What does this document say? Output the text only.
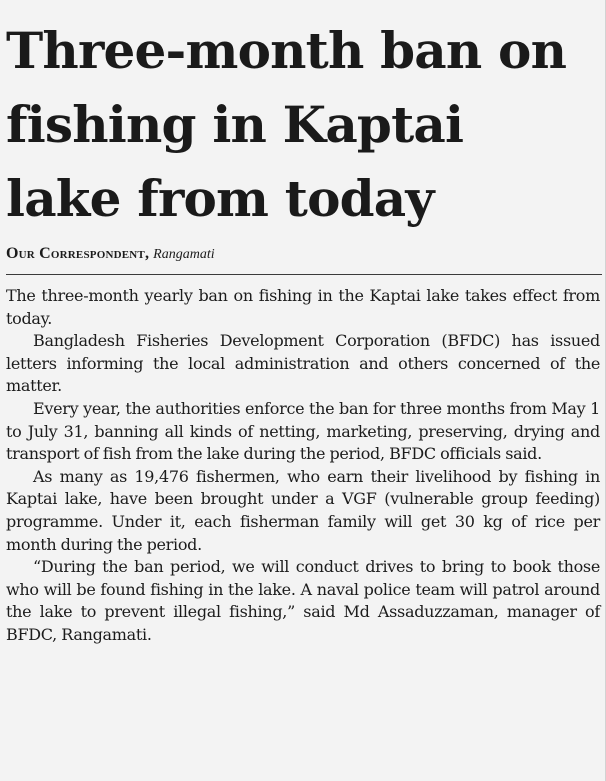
Three-month ban on
fishing in Kaptai
lake from today
Our Correspondent, Rangamati

The three-month yearly ban on fishing in the Kaptai lake takes effect from today.

Bangladesh Fisheries Development Corporation (BFDC) has issued letters informing the local administration and others concerned of the matter.

Every year, the authorities enforce the ban for three months from May 1 to July 31, banning all kinds of netting, marketing, preserving, drying and transport of fish from the lake during the period, BFDC officials said.

As many as 19,476 fishermen, who earn their livelihood by fishing in Kaptai lake, have been brought under a VGF (vulnerable group feeding) programme. Under it, each fisherman family will get 30 kg of rice per month during the period.

“During the ban period, we will conduct drives to bring to book those who will be found fishing in the lake. A naval police team will patrol around the lake to prevent illegal fishing,” said Md Assaduzzaman, manager of BFDC, Rangamati.
